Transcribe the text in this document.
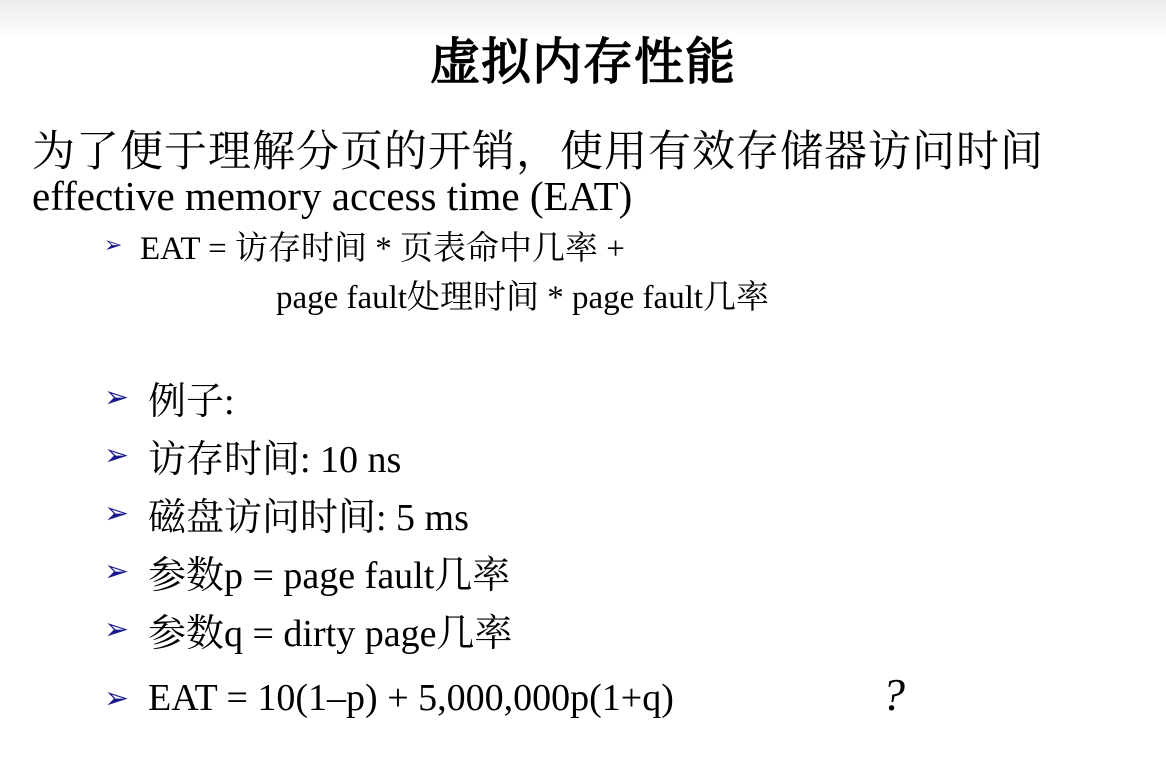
虚拟内存性能
为了便于理解分页的开销，使用有效存储器访问时间
effective memory access time (EAT)
➢ EAT = 访存时间 * 页表命中几率 +
page fault处理时间 * page fault几率
➢ 例子:
➢ 访存时间: 10 ns
➢ 磁盘访问时间: 5 ms
➢ 参数p = page fault几率
➢ 参数q = dirty page几率
➢ EAT = 10(1–p) + 5,000,000p(1+q)	?
